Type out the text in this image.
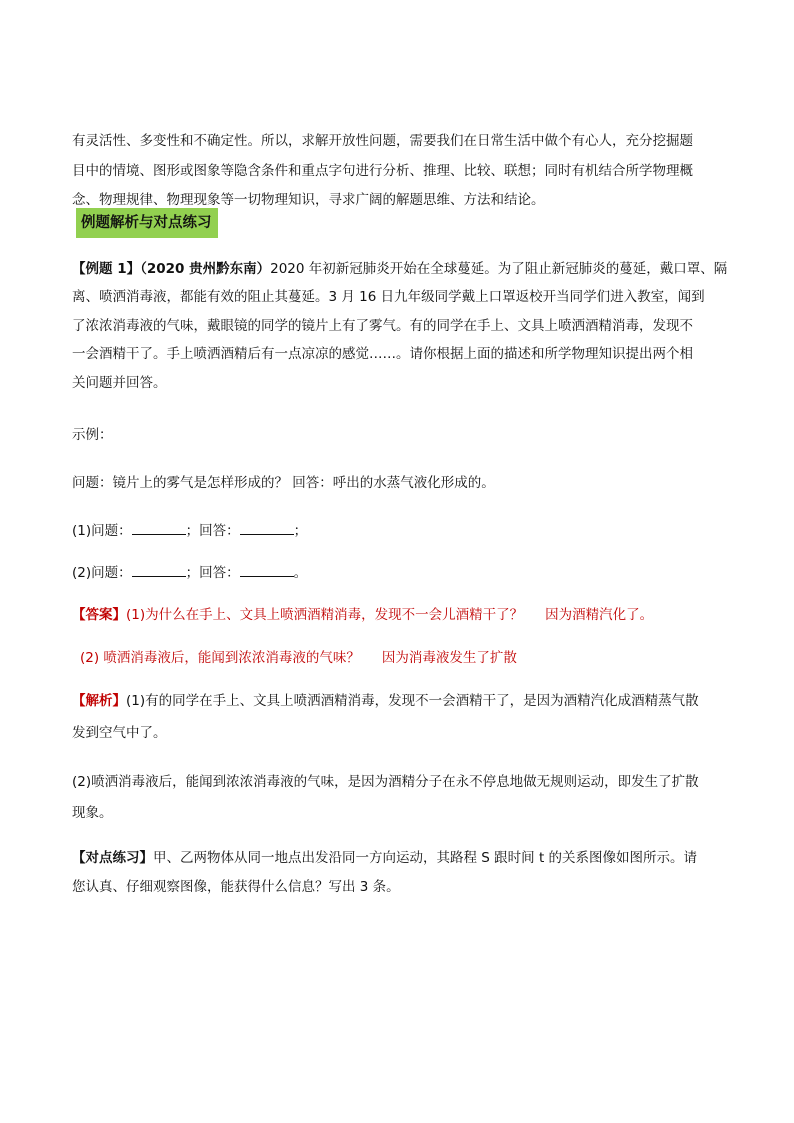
有灵活性、多变性和不确定性。所以，求解开放性问题，需要我们在日常生活中做个有心人，充分挖掘题
目中的情境、图形或图象等隐含条件和重点字句进行分析、推理、比较、联想；同时有机结合所学物理概
念、物理规律、物理现象等一切物理知识，寻求广阔的解题思维、方法和结论。
例题解析与对点练习
【例题 1】（2020 贵州黔东南）2020 年初新冠肺炎开始在全球蔓延。为了阻止新冠肺炎的蔓延，戴口罩、隔
离、喷洒消毒液，都能有效的阻止其蔓延。3 月 16 日九年级同学戴上口罩返校开当同学们进入教室，闻到
了浓浓消毒液的气味，戴眼镜的同学的镜片上有了雾气。有的同学在手上、文具上喷洒酒精消毒，发现不
一会酒精干了。手上喷洒酒精后有一点凉凉的感觉……。请你根据上面的描述和所学物理知识提出两个相
关问题并回答。
示例：
问题：镜片上的雾气是怎样形成的？ 回答：呼出的水蒸气液化形成的。
(1)问题：	；回答：	；
(2)问题：	；回答：	。
【答案】(1)为什么在手上、文具上喷洒酒精消毒，发现不一会儿酒精干了？ 因为酒精汽化了。
(2) 喷洒消毒液后，能闻到浓浓消毒液的气味？ 因为消毒液发生了扩散
【解析】(1)有的同学在手上、文具上喷洒酒精消毒，发现不一会酒精干了，是因为酒精汽化成酒精蒸气散
发到空气中了。
(2)喷洒消毒液后，能闻到浓浓消毒液的气味，是因为酒精分子在永不停息地做无规则运动，即发生了扩散
现象。
【对点练习】甲、乙两物体从同一地点出发沿同一方向运动，其路程 S 跟时间 t 的关系图像如图所示。请
您认真、仔细观察图像，能获得什么信息？写出 3 条。
